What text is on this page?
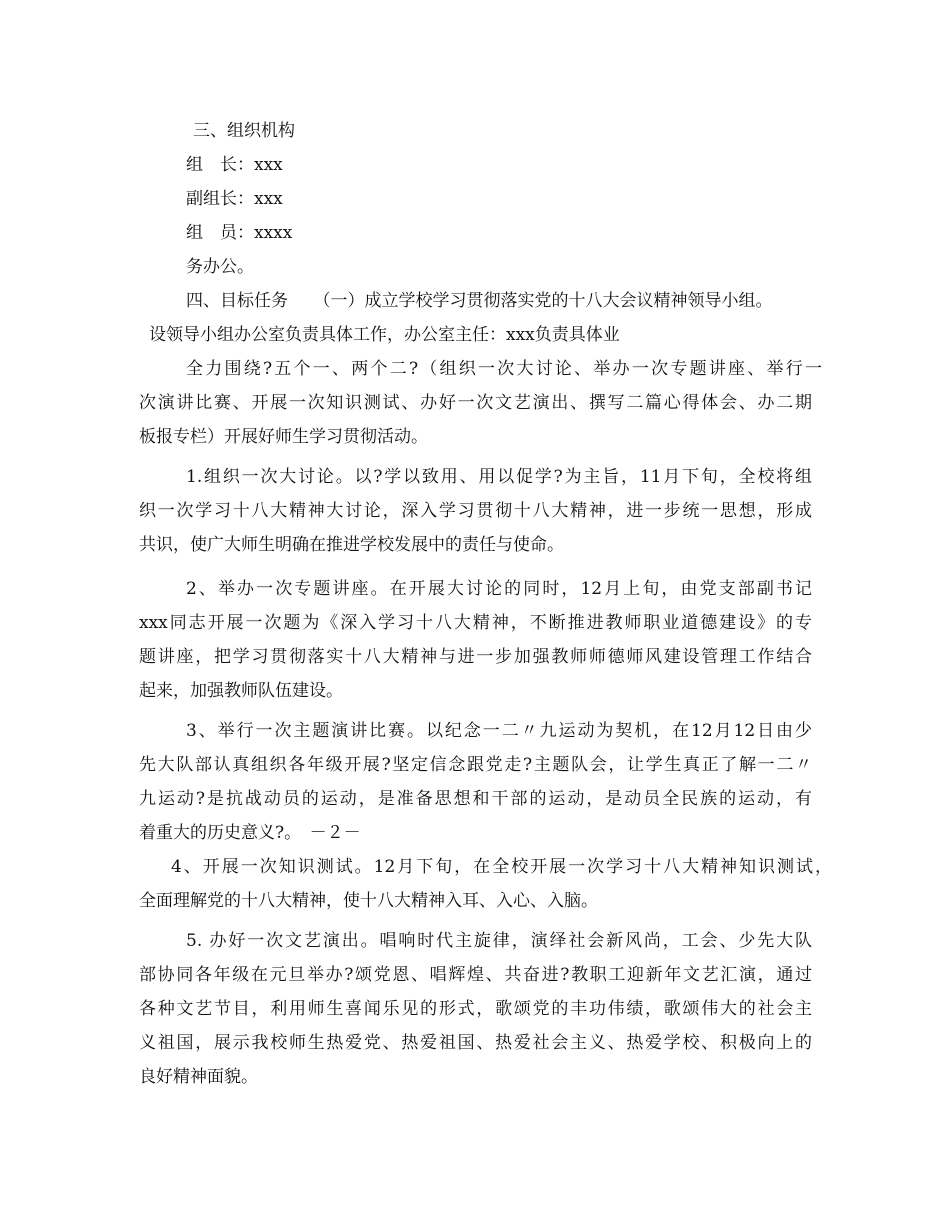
三、组织机构
组　长：xxx
副组长：xxx
组　员：xxxx
务办公。
四、目标任务　　（一）成立学校学习贯彻落实党的十八大会议精神领导小组。
设领导小组办公室负责具体工作，办公室主任：xxx负责具体业
全力围绕?五个一、两个二?（组织一次大讨论、举办一次专题讲座、举行一
次演讲比赛、开展一次知识测试、办好一次文艺演出、撰写二篇心得体会、办二期
板报专栏）开展好师生学习贯彻活动。
1.组织一次大讨论。以?学以致用、用以促学?为主旨，11月下旬，全校将组
织一次学习十八大精神大讨论，深入学习贯彻十八大精神，进一步统一思想，形成
共识，使广大师生明确在推进学校发展中的责任与使命。
2、举办一次专题讲座。在开展大讨论的同时，12月上旬，由党支部副书记
xxx同志开展一次题为《深入学习十八大精神，不断推进教师职业道德建设》的专
题讲座，把学习贯彻落实十八大精神与进一步加强教师师德师风建设管理工作结合
起来，加强教师队伍建设。
3、举行一次主题演讲比赛。以纪念一二〃九运动为契机，在12月12日由少
先大队部认真组织各年级开展?坚定信念跟党走?主题队会，让学生真正了解一二〃
九运动?是抗战动员的运动，是准备思想和干部的运动，是动员全民族的运动，有
着重大的历史意义?。　－２－
4、开展一次知识测试。12月下旬，在全校开展一次学习十八大精神知识测试，
全面理解党的十八大精神，使十八大精神入耳、入心、入脑。
5. 办好一次文艺演出。唱响时代主旋律，演绎社会新风尚，工会、少先大队
部协同各年级在元旦举办?颂党恩、唱辉煌、共奋进?教职工迎新年文艺汇演，通过
各种文艺节目，利用师生喜闻乐见的形式，歌颂党的丰功伟绩，歌颂伟大的社会主
义祖国，展示我校师生热爱党、热爱祖国、热爱社会主义、热爱学校、积极向上的
良好精神面貌。
